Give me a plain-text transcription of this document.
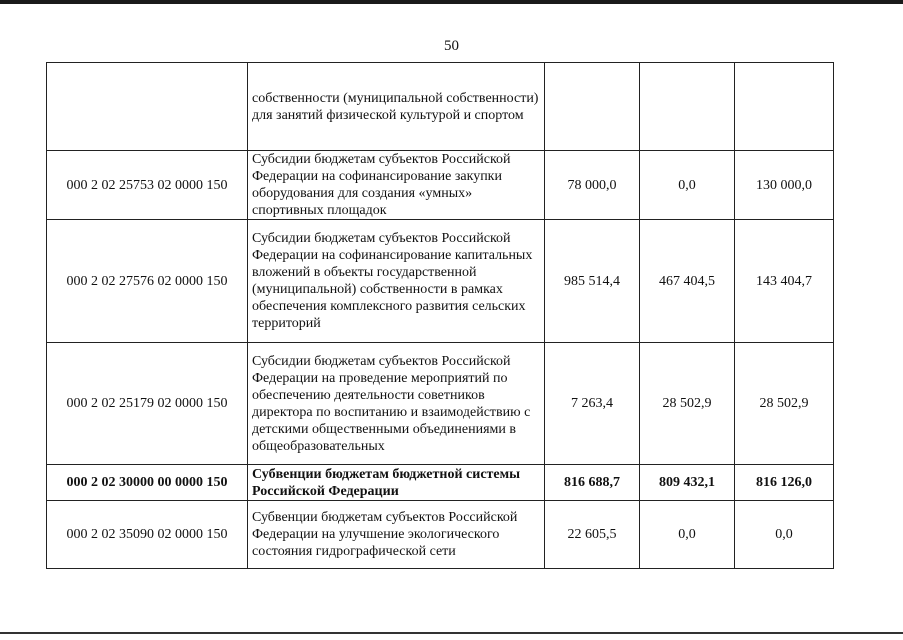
50
	собственности (муниципальной собственности) для занятий физической культурой и спортом			
000 2 02 25753 02 0000 150	Субсидии бюджетам субъектов Российской Федерации на софинансирование закупки оборудования для создания «умных» спортивных площадок	78 000,0	0,0	130 000,0
000 2 02 27576 02 0000 150	Субсидии бюджетам субъектов Российской Федерации на софинансирование капитальных вложений в объекты государственной (муниципальной) собственности в рамках обеспечения комплексного развития сельских территорий	985 514,4	467 404,5	143 404,7
000 2 02 25179 02 0000 150	Субсидии бюджетам субъектов Российской Федерации на проведение мероприятий по обеспечению деятельности советников директора по воспитанию и взаимодействию с детскими общественными объединениями в общеобразовательных	7 263,4	28 502,9	28 502,9
000 2 02 30000 00 0000 150	Субвенции бюджетам бюджетной системы Российской Федерации	816 688,7	809 432,1	816 126,0
000 2 02 35090 02 0000 150	Субвенции бюджетам субъектов Российской Федерации на улучшение экологического состояния гидрографической сети	22 605,5	0,0	0,0
